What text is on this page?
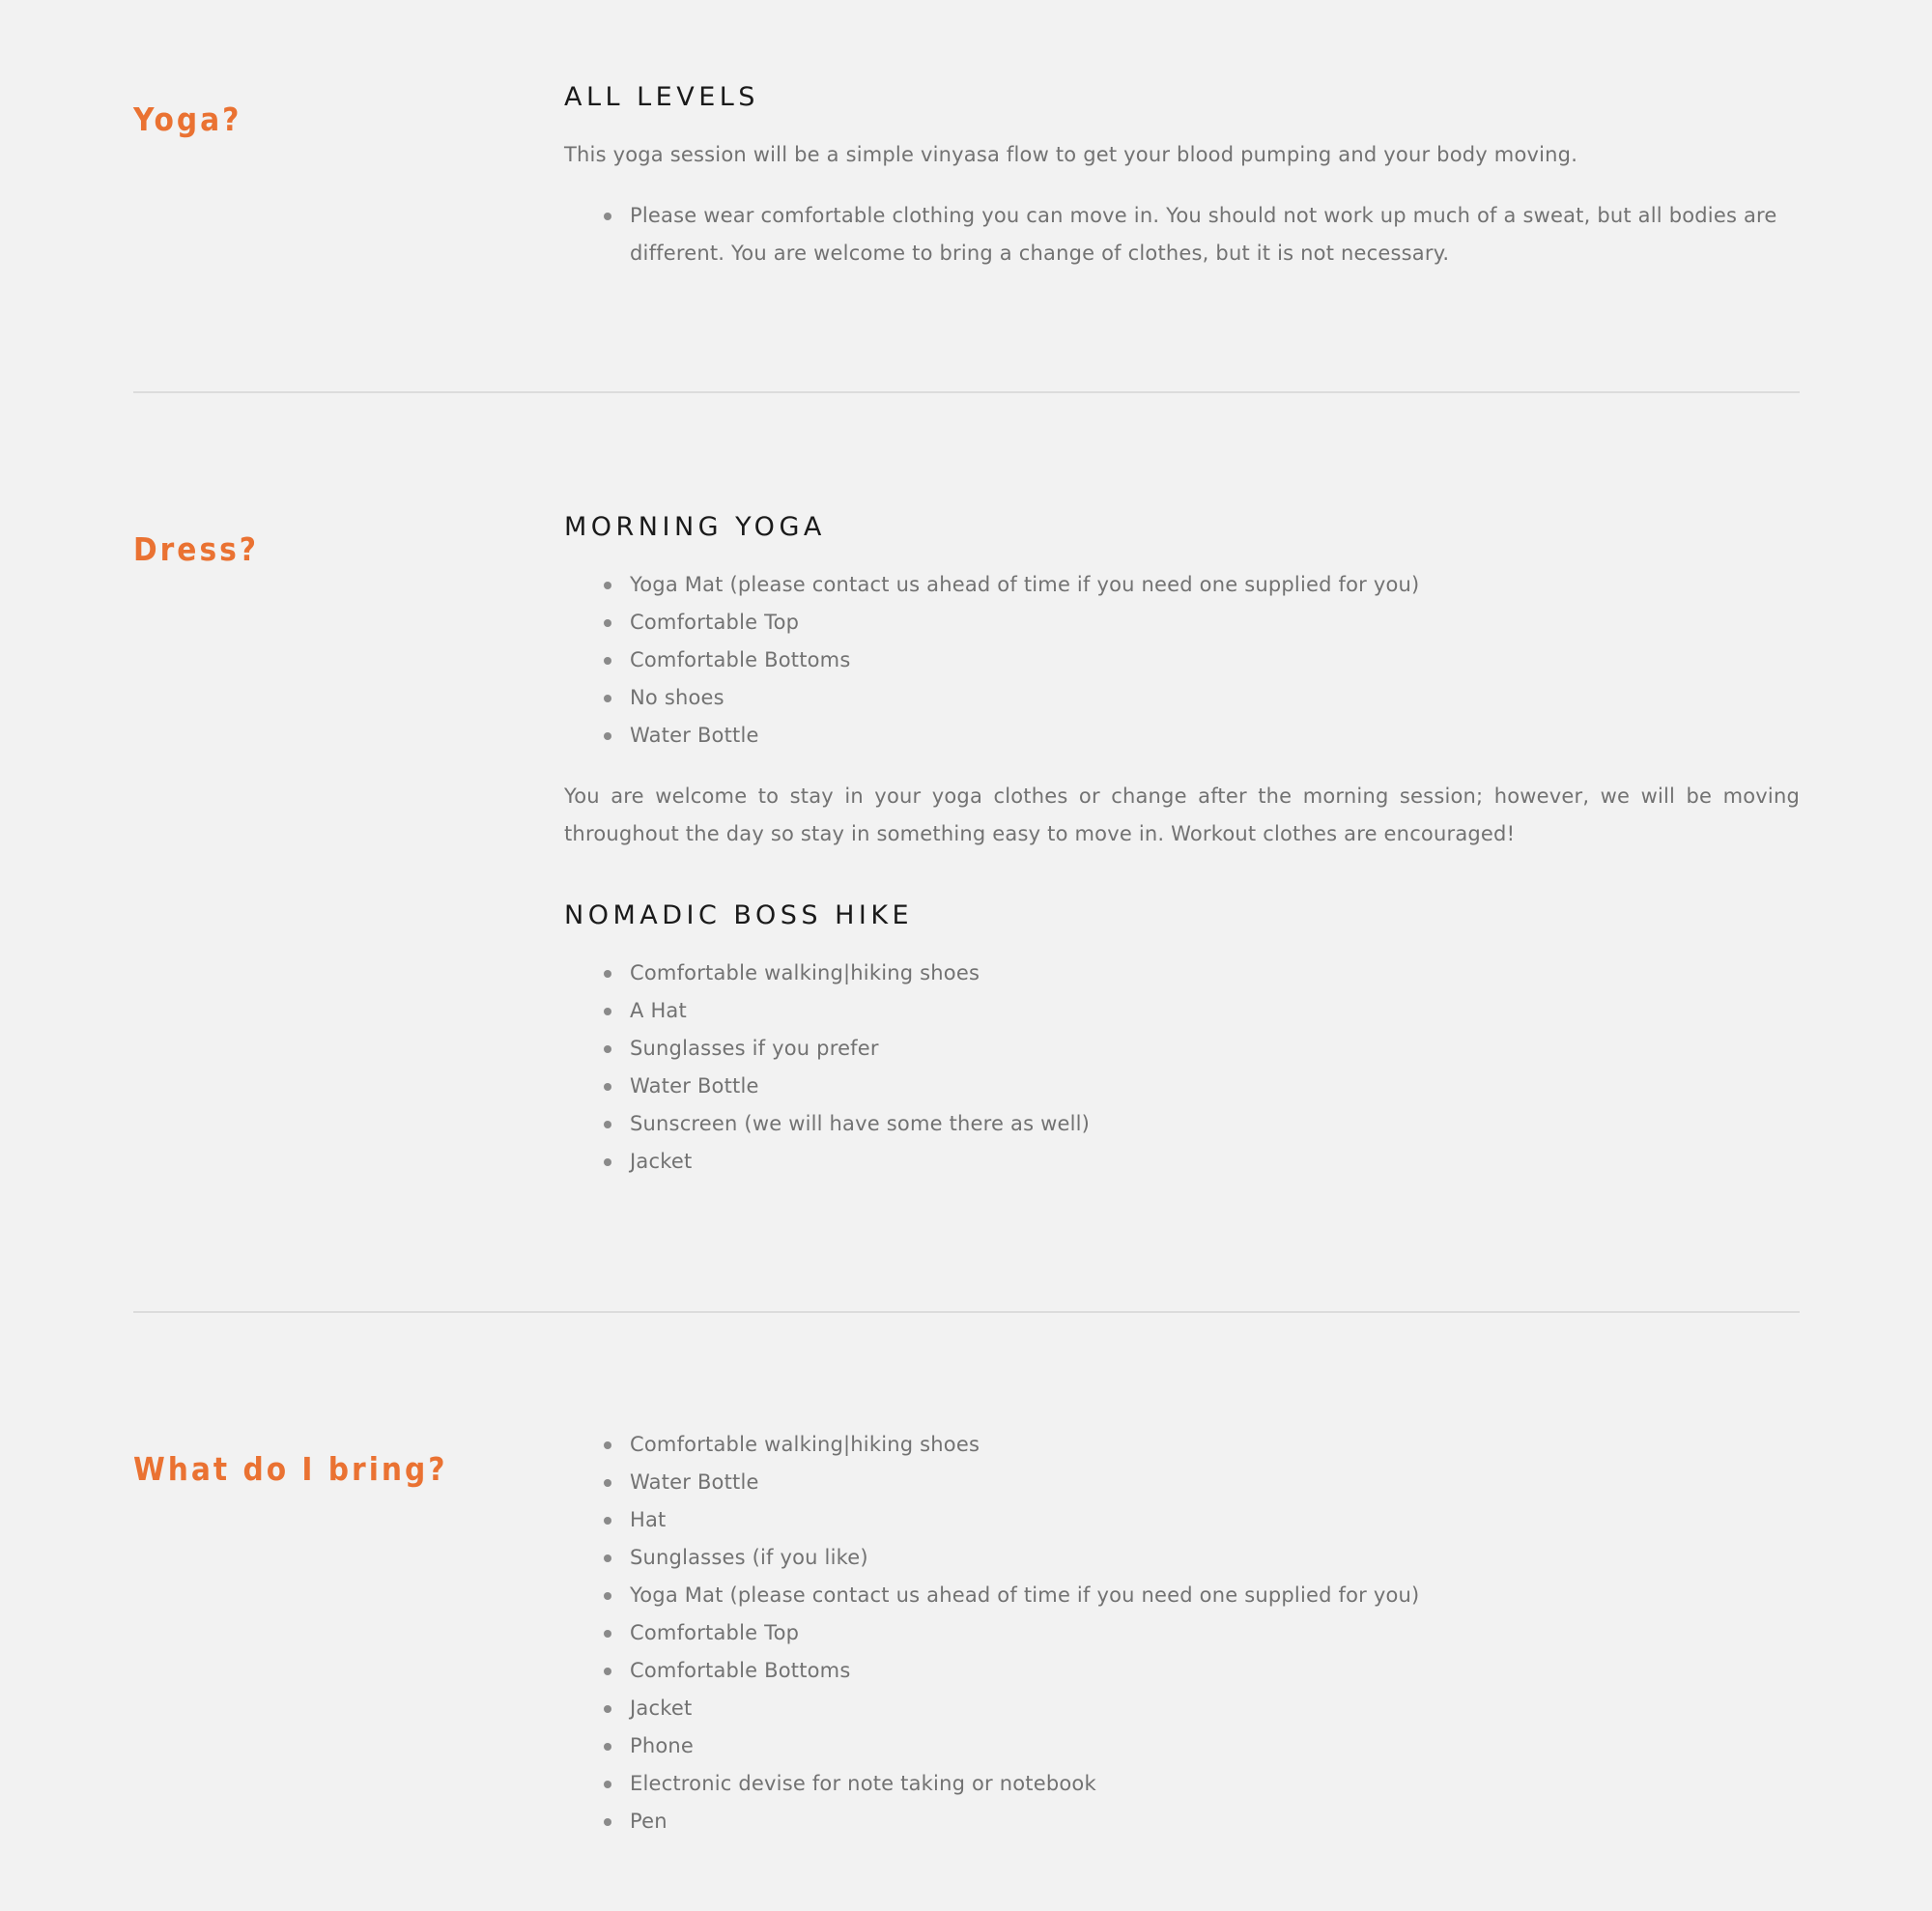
Yoga?
ALL LEVELS

This yoga session will be a simple vinyasa flow to get your blood pumping and your body moving.

Please wear comfortable clothing you can move in. You should not work up much of a sweat, but all bodies are different. You are welcome to bring a change of clothes, but it is not necessary.
Dress?
MORNING YOGA
Yoga Mat (please contact us ahead of time if you need one supplied for you)
Comfortable Top
Comfortable Bottoms
No shoes
Water Bottle

You are welcome to stay in your yoga clothes or change after the morning session; however, we will be moving throughout the day so stay in something easy to move in. Workout clothes are encouraged!

NOMADIC BOSS HIKE
Comfortable walking|hiking shoes
A Hat
Sunglasses if you prefer
Water Bottle
Sunscreen (we will have some there as well)
Jacket
What do I bring?
Comfortable walking|hiking shoes
Water Bottle
Hat
Sunglasses (if you like)
Yoga Mat (please contact us ahead of time if you need one supplied for you)
Comfortable Top
Comfortable Bottoms
Jacket
Phone
Electronic devise for note taking or notebook
Pen
